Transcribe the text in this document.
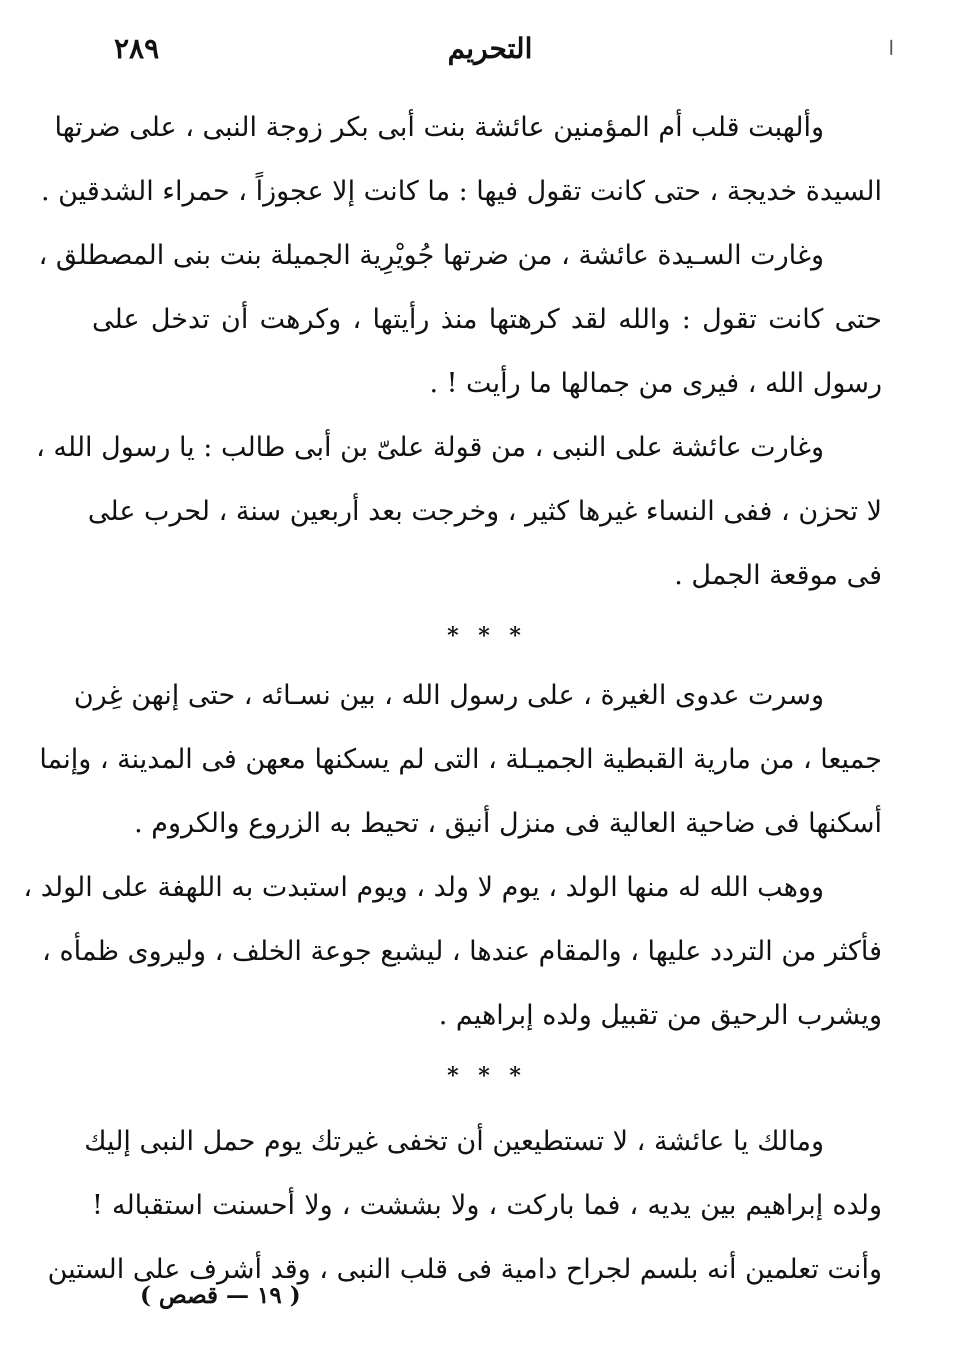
٢٨٩	التحريم	ا

وألهبت قلب أم المؤمنين عائشة بنت أبى بكر زوجة النبى ، على ضرتها
السيدة خديجة ، حتى كانت تقول فيها : ما كانت إلا عجوزاً ، حمراء الشدقين .

وغارت السـيدة عائشة ، من ضرتها جُويْرِية الجميلة بنت بنى المصطلق ،
حتى كانت تقول : والله لقد كرهتها منذ رأيتها ، وكرهت أن تدخل على
رسول الله ، فيرى من جمالها ما رأيت ! .

وغارت عائشة على النبى ، من قولة علىّ بن أبى طالب : يا رسول الله ،
لا تحزن ، ففى النساء غيرها كثير ، وخرجت بعد أربعين سنة ، لحرب على
فى موقعة الجمل .

* * *

وسرت عدوى الغيرة ، على رسول الله ، بين نسـائه ، حتى إنهن غِرن
جميعا ، من مارية القبطية الجميـلة ، التى لم يسكنها معهن فى المدينة ، وإنما
أسكنها فى ضاحية العالية فى منزل أنيق ، تحيط به الزروع والكروم .

ووهب الله له منها الولد ، يوم لا ولد ، ويوم استبدت به اللهفة على الولد ،
فأكثر من التردد عليها ، والمقام عندها ، ليشبع جوعة الخلف ، وليروى ظمأه ،
ويشرب الرحيق من تقبيل ولده إبراهيم .

* * *

ومالك يا عائشة ، لا تستطيعين أن تخفى غيرتك يوم حمل النبى إليك
ولده إبراهيم بين يديه ، فما باركت ، ولا بششت ، ولا أحسنت استقباله !
وأنت تعلمين أنه بلسم لجراح دامية فى قلب النبى ، وقد أشرف على الستين

( ١٩ — قصص )
